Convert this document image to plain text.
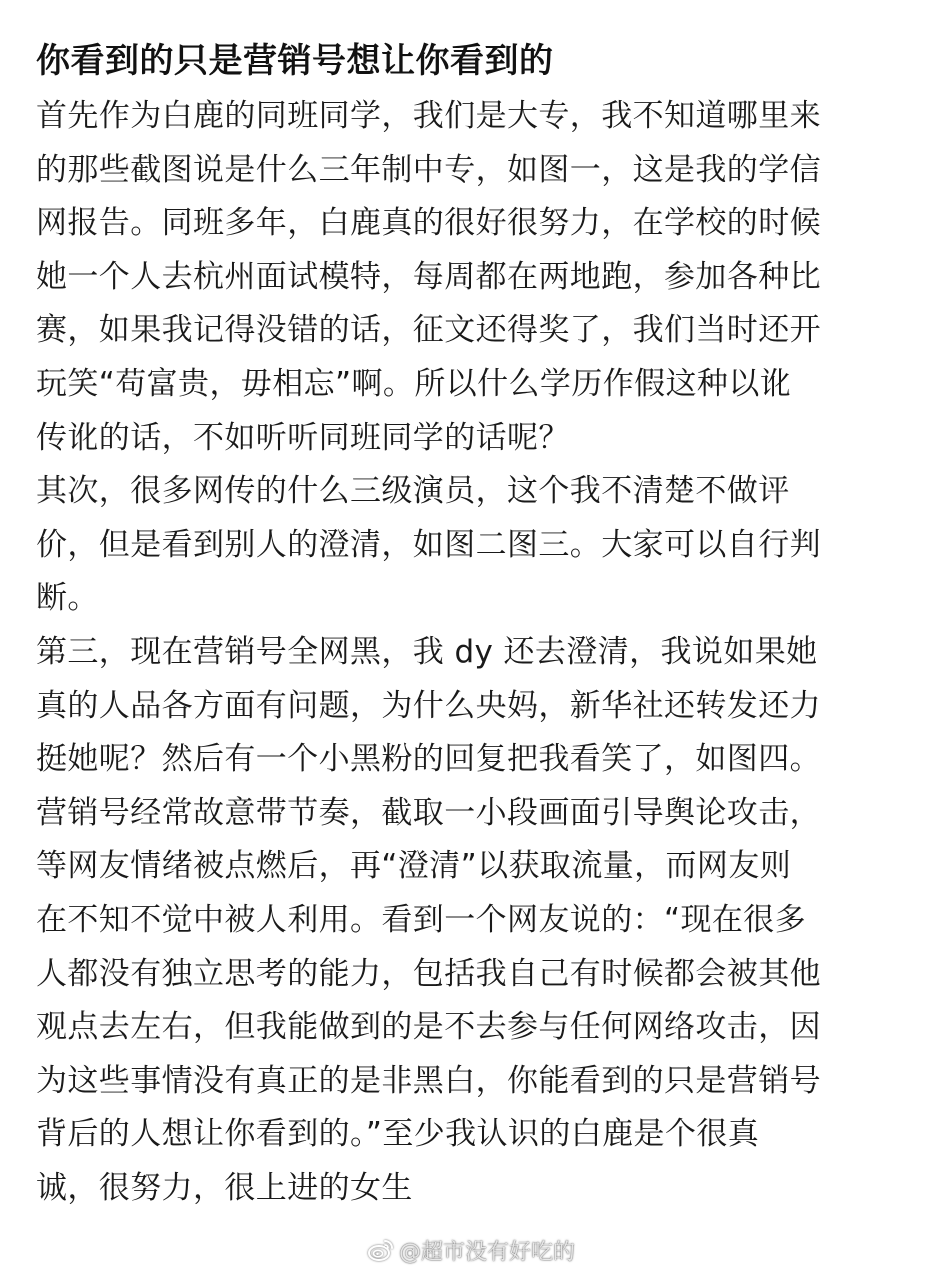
你看到的只是营销号想让你看到的
首先作为白鹿的同班同学，我们是大专，我不知道哪里来
的那些截图说是什么三年制中专，如图一，这是我的学信
网报告。同班多年，白鹿真的很好很努力，在学校的时候
她一个人去杭州面试模特，每周都在两地跑，参加各种比
赛，如果我记得没错的话，征文还得奖了，我们当时还开
玩笑“苟富贵，毋相忘”啊。所以什么学历作假这种以讹
传讹的话，不如听听同班同学的话呢？
其次，很多网传的什么三级演员，这个我不清楚不做评
价，但是看到别人的澄清，如图二图三。大家可以自行判
断。
第三，现在营销号全网黑，我 dy 还去澄清，我说如果她
真的人品各方面有问题，为什么央妈，新华社还转发还力
挺她呢？然后有一个小黑粉的回复把我看笑了，如图四。
营销号经常故意带节奏，截取一小段画面引导舆论攻击，
等网友情绪被点燃后，再“澄清”以获取流量，而网友则
在不知不觉中被人利用。看到一个网友说的：“现在很多
人都没有独立思考的能力，包括我自己有时候都会被其他
观点去左右，但我能做到的是不去参与任何网络攻击，因
为这些事情没有真正的是非黑白，你能看到的只是营销号
背后的人想让你看到的。”至少我认识的白鹿是个很真
诚，很努力，很上进的女生
@超市没有好吃的
